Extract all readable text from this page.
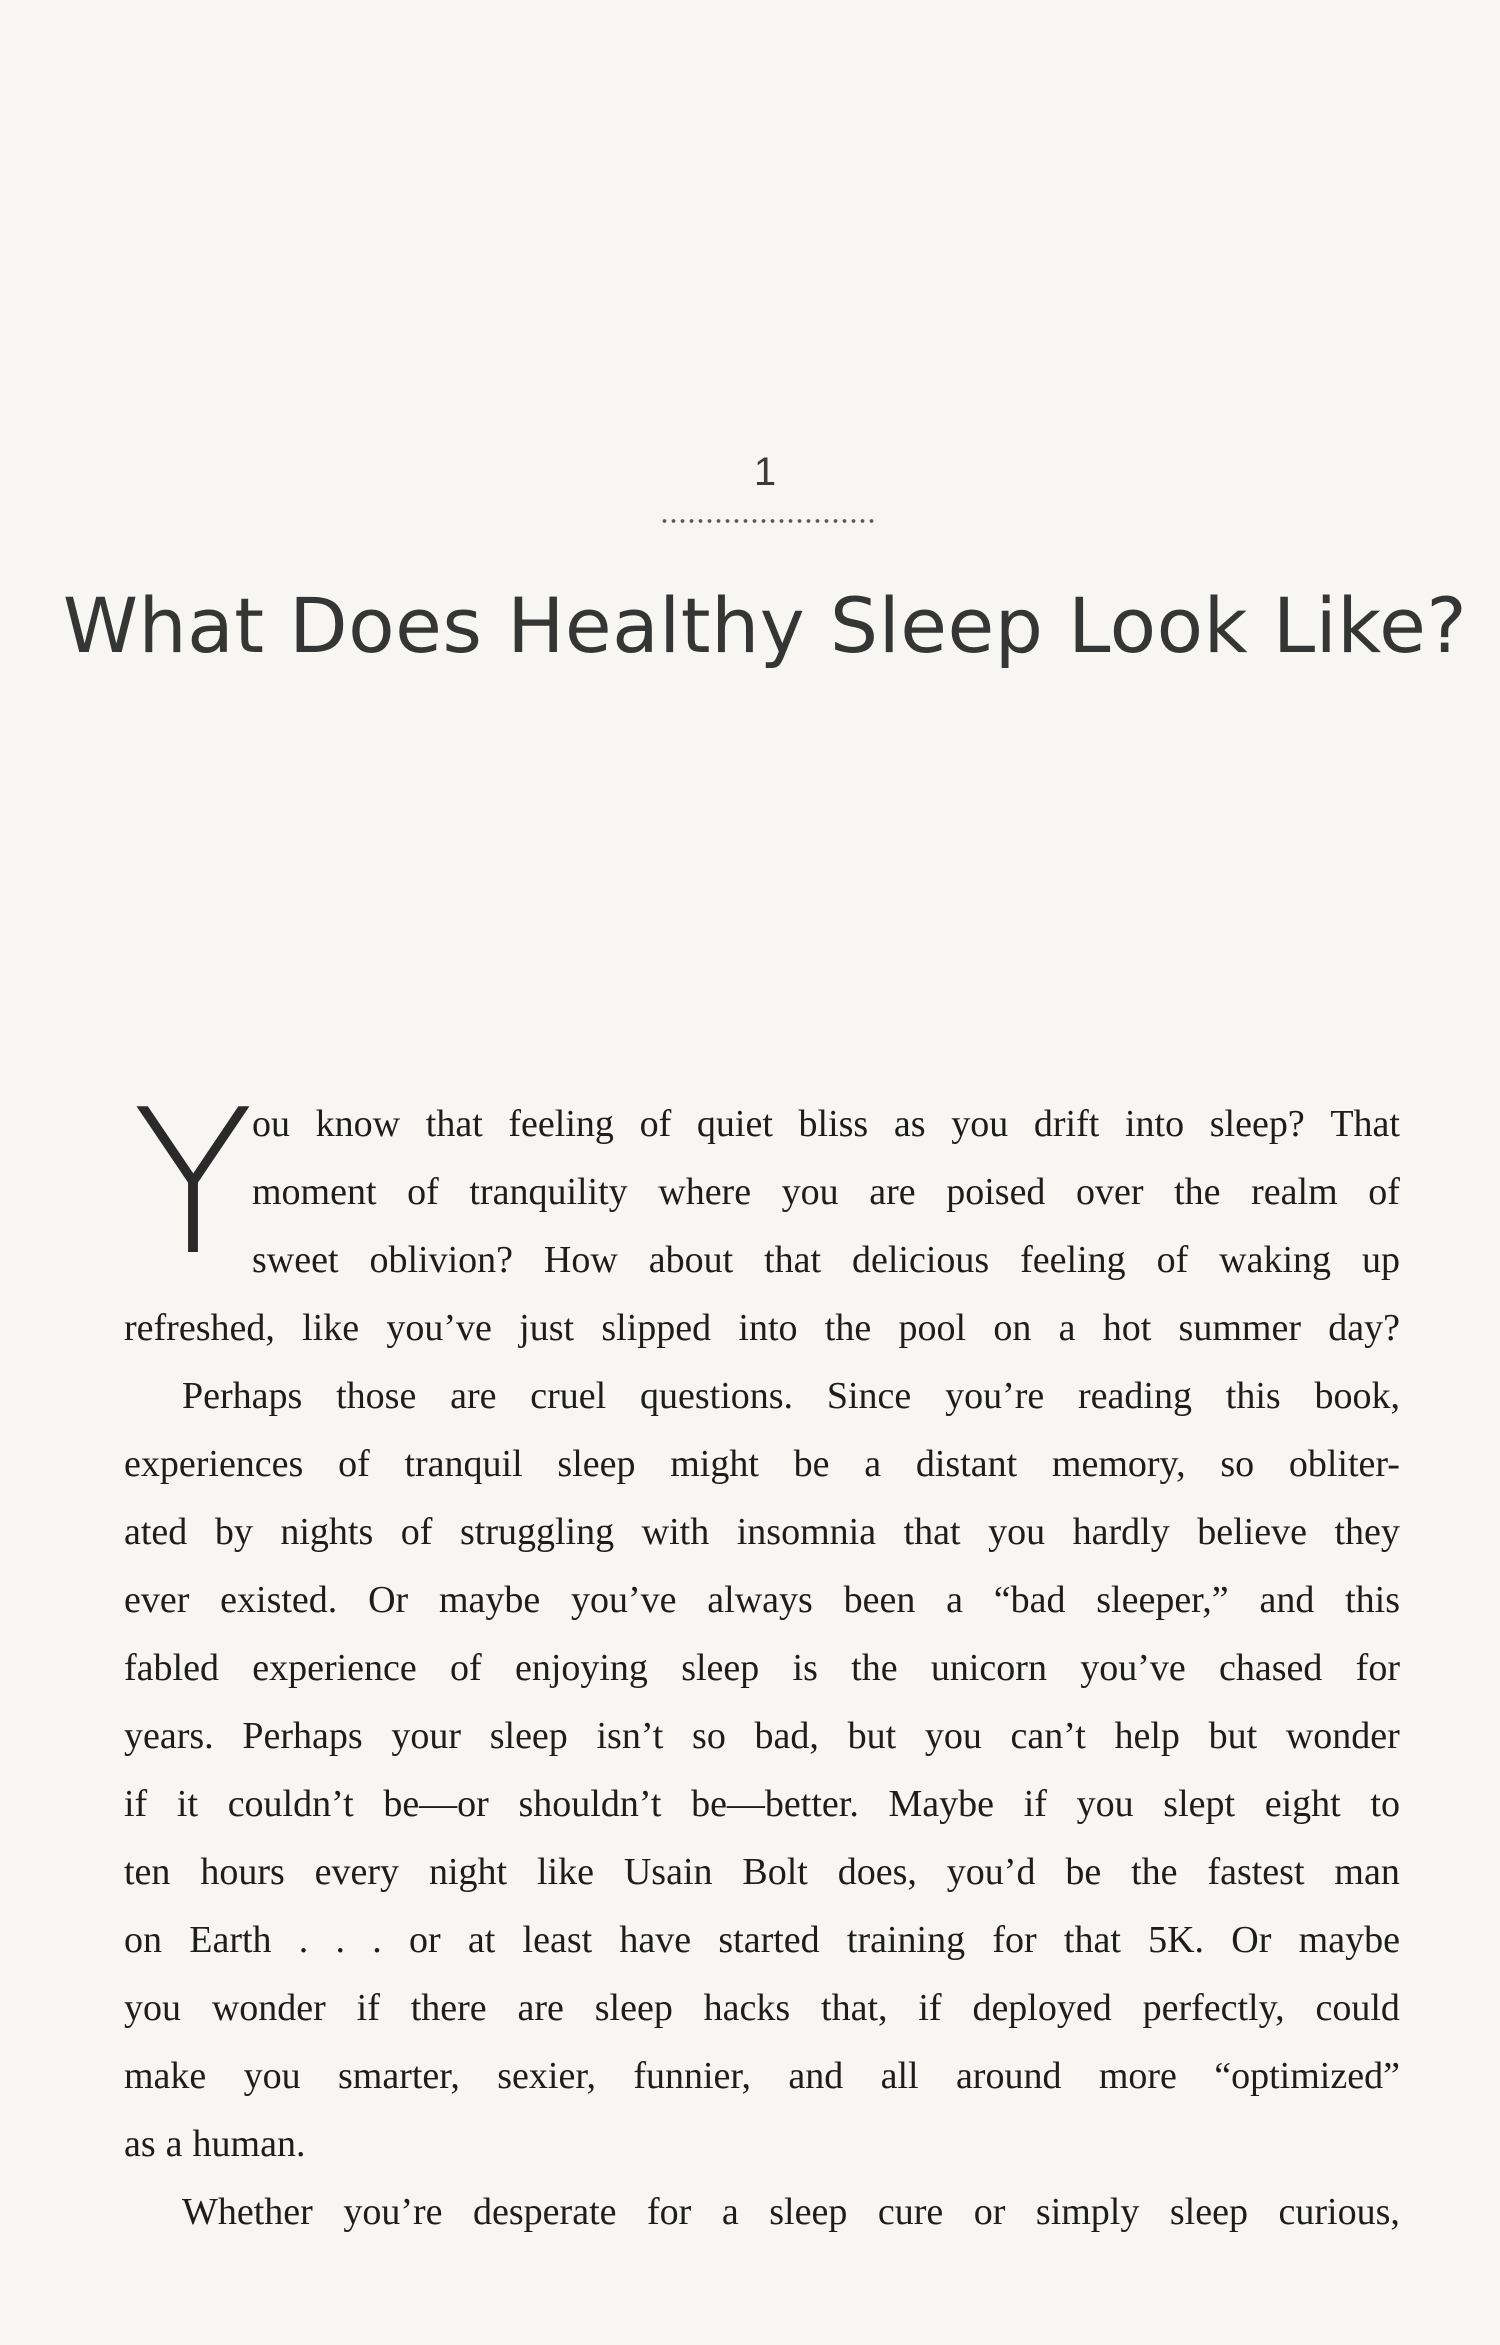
1
What Does Healthy Sleep Look Like?
Y
ou know that feeling of quiet bliss as you drift into sleep? That
moment of tranquility where you are poised over the realm of
sweet oblivion? How about that delicious feeling of waking up
refreshed, like you’ve just slipped into the pool on a hot summer day?
Perhaps those are cruel questions. Since you’re reading this book,
experiences of tranquil sleep might be a distant memory, so obliter-
ated by nights of struggling with insomnia that you hardly believe they
ever existed. Or maybe you’ve always been a “bad sleeper,” and this
fabled experience of enjoying sleep is the unicorn you’ve chased for
years. Perhaps your sleep isn’t so bad, but you can’t help but wonder
if it couldn’t be—or shouldn’t be—better. Maybe if you slept eight to
ten hours every night like Usain Bolt does, you’d be the fastest man
on Earth . . . or at least have started training for that 5K. Or maybe
you wonder if there are sleep hacks that, if deployed perfectly, could
make you smarter, sexier, funnier, and all around more “optimized”
as a human.
Whether you’re desperate for a sleep cure or simply sleep curious,
